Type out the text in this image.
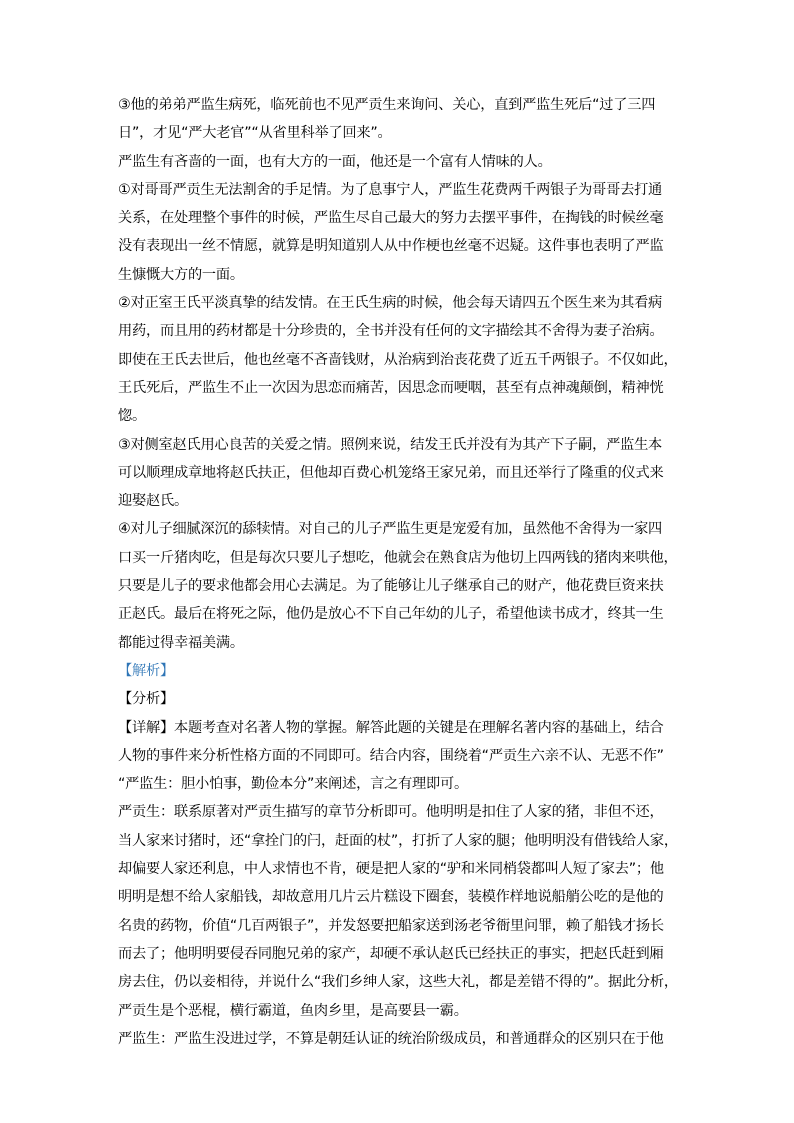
③他的弟弟严监生病死，临死前也不见严贡生来询问、关心，直到严监生死后“过了三四
日”，才见“严大老官”“从省里科举了回来”。
严监生有吝啬的一面，也有大方的一面，他还是一个富有人情味的人。
①对哥哥严贡生无法割舍的手足情。为了息事宁人，严监生花费两千两银子为哥哥去打通
关系，在处理整个事件的时候，严监生尽自己最大的努力去摆平事件，在掏钱的时候丝毫
没有表现出一丝不情愿，就算是明知道别人从中作梗也丝毫不迟疑。这件事也表明了严监
生慷慨大方的一面。
②对正室王氏平淡真挚的结发情。在王氏生病的时候，他会每天请四五个医生来为其看病
用药，而且用的药材都是十分珍贵的，全书并没有任何的文字描绘其不舍得为妻子治病。
即使在王氏去世后，他也丝毫不吝啬钱财，从治病到治丧花费了近五千两银子。不仅如此，
王氏死后，严监生不止一次因为思恋而痛苦，因思念而哽咽，甚至有点神魂颠倒，精神恍
惚。
③对侧室赵氏用心良苦的关爱之情。照例来说，结发王氏并没有为其产下子嗣，严监生本
可以顺理成章地将赵氏扶正，但他却百费心机笼络王家兄弟，而且还举行了隆重的仪式来
迎娶赵氏。
④对儿子细腻深沉的舔犊情。对自己的儿子严监生更是宠爱有加，虽然他不舍得为一家四
口买一斤猪肉吃，但是每次只要儿子想吃，他就会在熟食店为他切上四两钱的猪肉来哄他，
只要是儿子的要求他都会用心去满足。为了能够让儿子继承自己的财产，他花费巨资来扶
正赵氏。最后在将死之际，他仍是放心不下自己年幼的儿子，希望他读书成才，终其一生
都能过得幸福美满。
【解析】
【分析】
【详解】本题考查对名著人物的掌握。解答此题的关键是在理解名著内容的基础上，结合
人物的事件来分析性格方面的不同即可。结合内容，围绕着“严贡生六亲不认、无恶不作”
“严监生：胆小怕事，勤俭本分”来阐述，言之有理即可。
严贡生：联系原著对严贡生描写的章节分析即可。他明明是扣住了人家的猪，非但不还，
当人家来讨猪时，还“拿拴门的闩，赶面的杖”，打折了人家的腿；他明明没有借钱给人家，
却偏要人家还利息，中人求情也不肯，硬是把人家的“驴和米同梢袋都叫人短了家去”；他
明明是想不给人家船钱，却故意用几片云片糕设下圈套，装模作样地说船艄公吃的是他的
名贵的药物，价值“几百两银子”，并发怒要把船家送到汤老爷衙里问罪，赖了船钱才扬长
而去了；他明明要侵吞同胞兄弟的家产，却硬不承认赵氏已经扶正的事实，把赵氏赶到厢
房去住，仍以妾相待，并说什么“我们乡绅人家，这些大礼，都是差错不得的”。据此分析，
严贡生是个恶棍，横行霸道，鱼肉乡里，是高要县一霸。
严监生：严监生没进过学，不算是朝廷认证的统治阶级成员，和普通群众的区别只在于他
